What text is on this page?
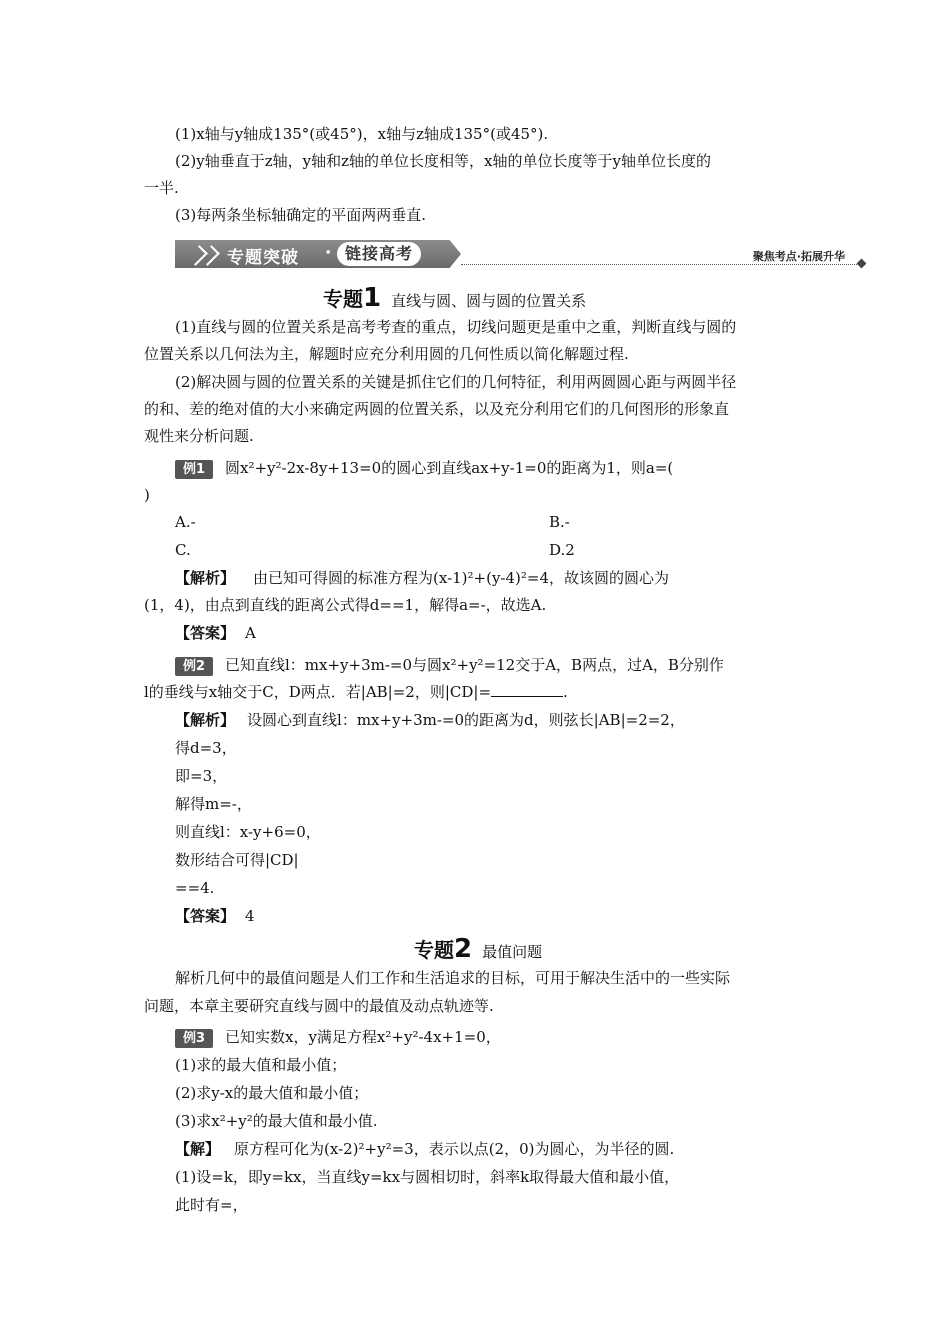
(1)x轴与y轴成135°(或45°)，x轴与z轴成135°(或45°).
(2)y轴垂直于z轴，y轴和z轴的单位长度相等，x轴的单位长度等于y轴单位长度的
一半.
(3)每两条坐标轴确定的平面两两垂直.
专题突破 · 链接高考	聚焦考点·拓展升华
专题1 直线与圆、圆与圆的位置关系
(1)直线与圆的位置关系是高考考查的重点，切线问题更是重中之重，判断直线与圆的
位置关系以几何法为主，解题时应充分利用圆的几何性质以简化解题过程.
(2)解决圆与圆的位置关系的关键是抓住它们的几何特征，利用两圆圆心距与两圆半径
的和、差的绝对值的大小来确定两圆的位置关系，以及充分利用它们的几何图形的形象直
观性来分析问题.
例1 圆x²+y²-2x-8y+13=0的圆心到直线ax+y-1=0的距离为1，则a=(
)
A.-	B.-
C.	D.2
【解析】 由已知可得圆的标准方程为(x-1)²+(y-4)²=4，故该圆的圆心为
(1，4)，由点到直线的距离公式得d==1，解得a=-，故选A.
【答案】 A
例2 已知直线l：mx+y+3m-=0与圆x²+y²=12交于A，B两点，过A，B分别作
l的垂线与x轴交于C，D两点．若|AB|=2，则|CD|=	.
【解析】 设圆心到直线l：mx+y+3m-=0的距离为d，则弦长|AB|=2=2，
得d=3，
即=3，
解得m=-，
则直线l：x-y+6=0，
数形结合可得|CD|
==4.
【答案】 4
专题2 最值问题
解析几何中的最值问题是人们工作和生活追求的目标，可用于解决生活中的一些实际
问题，本章主要研究直线与圆中的最值及动点轨迹等.
例3 已知实数x，y满足方程x²+y²-4x+1=0，
(1)求的最大值和最小值；
(2)求y-x的最大值和最小值；
(3)求x²+y²的最大值和最小值.
【解】 原方程可化为(x-2)²+y²=3，表示以点(2，0)为圆心，为半径的圆.
(1)设=k，即y=kx，当直线y=kx与圆相切时，斜率k取得最大值和最小值，
此时有=，
